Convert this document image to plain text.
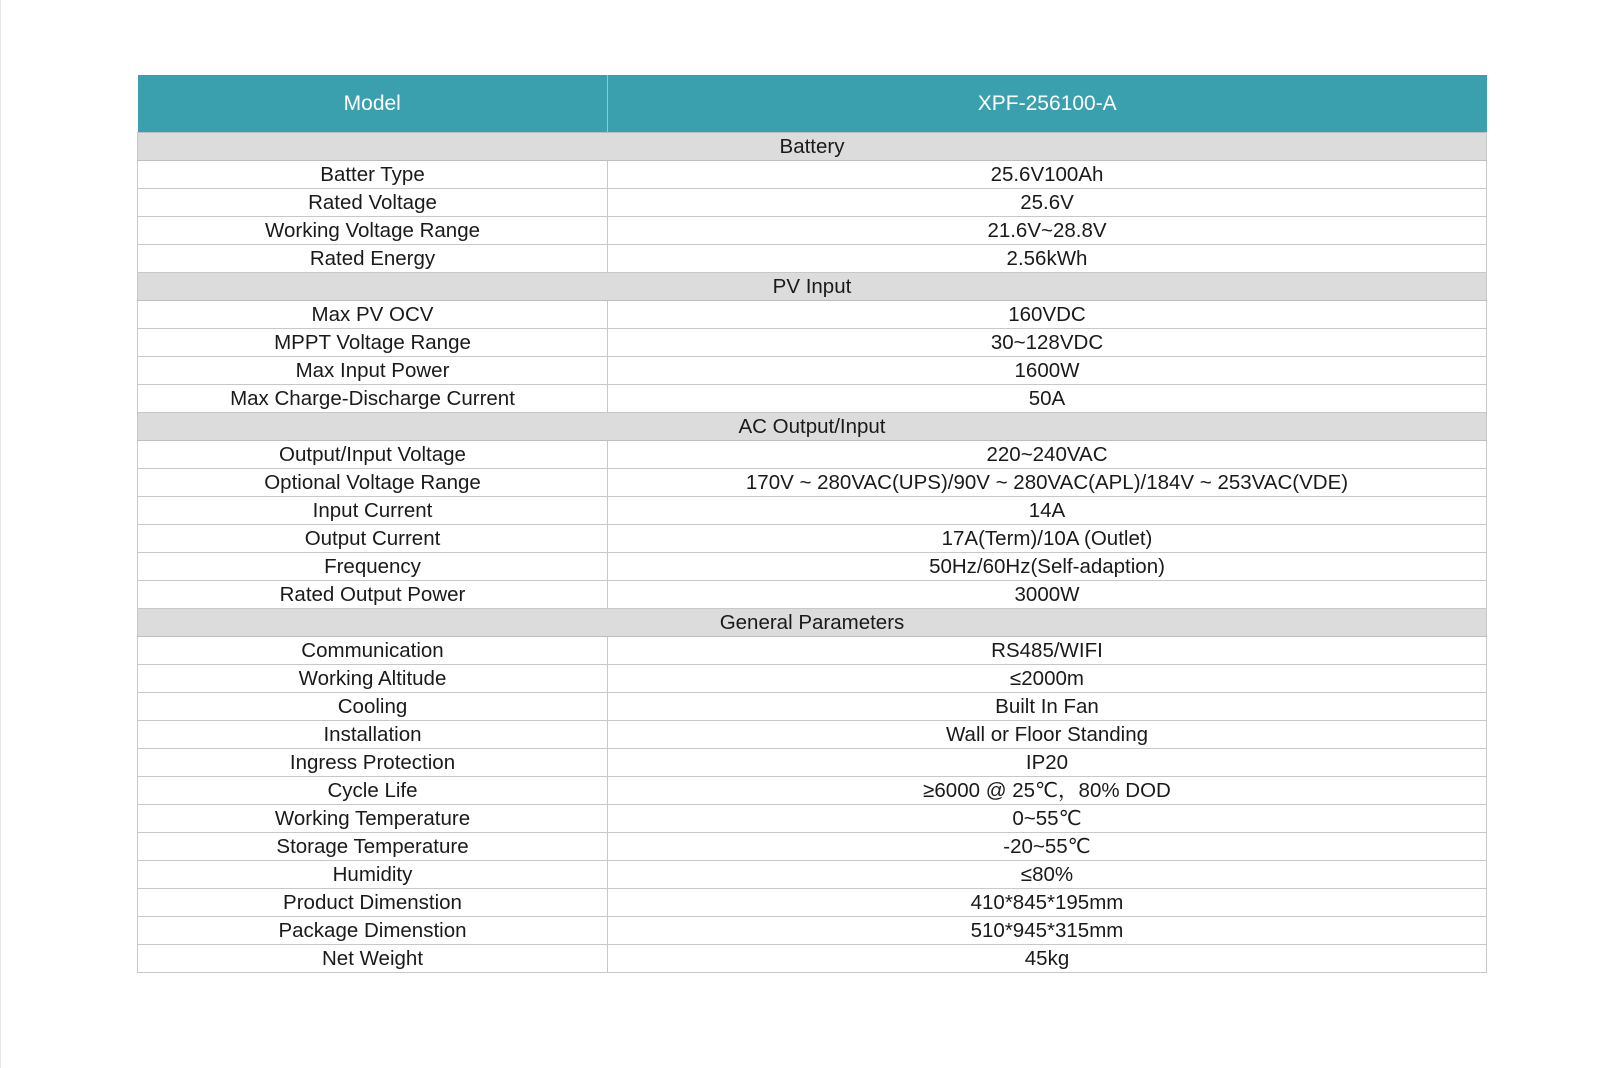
Model	XPF-256100-A
Battery	
Batter Type	25.6V100Ah
Rated Voltage	25.6V
Working Voltage Range	21.6V~28.8V
Rated Energy	2.56kWh
PV Input	
Max PV OCV	160VDC
MPPT Voltage Range	30~128VDC
Max Input Power	1600W
Max Charge-Discharge Current	50A
AC Output/Input	
Output/Input Voltage	220~240VAC
Optional Voltage Range	170V ~ 280VAC(UPS)/90V ~ 280VAC(APL)/184V ~ 253VAC(VDE)
Input Current	14A
Output Current	17A(Term)/10A (Outlet)
Frequency	50Hz/60Hz(Self-adaption)
Rated Output Power	3000W
General Parameters	
Communication	RS485/WIFI
Working Altitude	≤2000m
Cooling	Built In Fan
Installation	Wall or Floor Standing
Ingress Protection	IP20
Cycle Life	≥6000 @ 25℃，80% DOD
Working Temperature	0~55℃
Storage Temperature	-20~55℃
Humidity	≤80%
Product Dimenstion	410*845*195mm
Package Dimenstion	510*945*315mm
Net Weight	45kg
